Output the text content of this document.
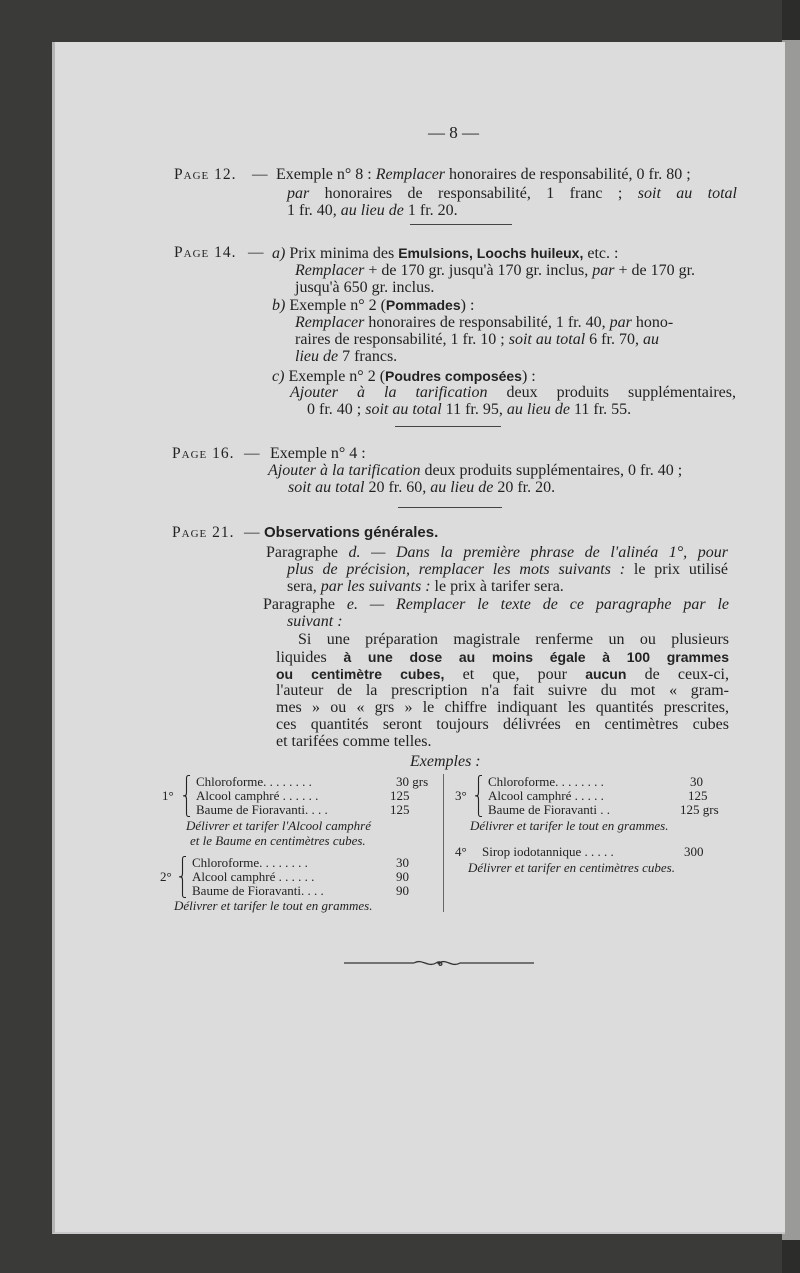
— 8 —
Page 12. — Exemple n° 8 : Remplacer honoraires de responsabilité, 0 fr. 80 ;
par honoraires de responsabilité, 1 franc ; soit au total
1 fr. 40, au lieu de 1 fr. 20.
Page 14. — a) Prix minima des Emulsions, Loochs huileux, etc. :
Remplacer + de 170 gr. jusqu'à 170 gr. inclus, par + de 170 gr.
jusqu'à 650 gr. inclus.
b) Exemple n° 2 (Pommades) :
Remplacer honoraires de responsabilité, 1 fr. 40, par hono-
raires de responsabilité, 1 fr. 10 ; soit au total 6 fr. 70, au
lieu de 7 francs.
c) Exemple n° 2 (Poudres composées) :
Ajouter à la tarification deux produits supplémentaires,
0 fr. 40 ; soit au total 11 fr. 95, au lieu de 11 fr. 55.
Page 16. — Exemple n° 4 :
Ajouter à la tarification deux produits supplémentaires, 0 fr. 40 ;
soit au total 20 fr. 60, au lieu de 20 fr. 20.
Page 21. — Observations générales.
Paragraphe d. — Dans la première phrase de l'alinéa 1°, pour
plus de précision, remplacer les mots suivants : le prix utilisé
sera, par les suivants : le prix à tarifer sera.
Paragraphe e. — Remplacer le texte de ce paragraphe par le
suivant :
Si une préparation magistrale renferme un ou plusieurs
liquides à une dose au moins égale à 100 grammes
ou centimètre cubes, et que, pour aucun de ceux-ci,
l'auteur de la prescription n'a fait suivre du mot « gram-
mes » ou « grs » le chiffre indiquant les quantités prescrites,
ces quantités seront toujours délivrées en centimètres cubes
et tarifées comme telles.
Exemples :
1°
⎧
⎨
⎩
Chloroforme. . . . . . . .	30 grs
Alcool camphré . . . . . .	125
Baume de Fioravanti. . . .	125
Délivrer et tarifer l'Alcool camphré
et le Baume en centimètres cubes.
2°
⎧
⎨
⎩
Chloroforme. . . . . . . .	30
Alcool camphré . . . . . .	90
Baume de Fioravanti. . . .	90
Délivrer et tarifer le tout en grammes.
3°
⎧
⎨
⎩
Chloroforme. . . . . . . .	30
Alcool camphré . . . . .	125
Baume de Fioravanti . .	125 grs
Délivrer et tarifer le tout en grammes.
4° Sirop iodotannique . . . . .	300
Délivrer et tarifer en centimètres cubes.
